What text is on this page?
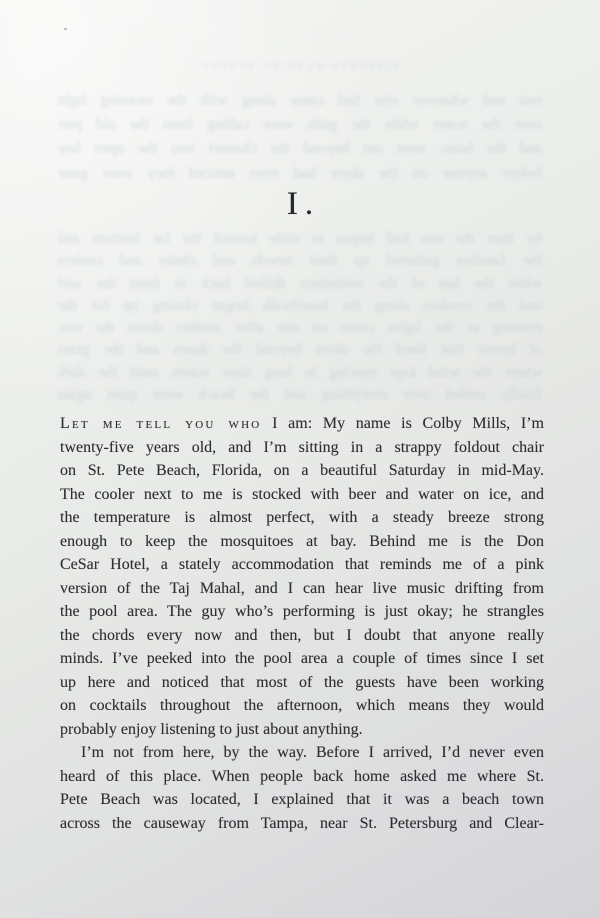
mirrored running header
rest and whatever else had come along with the morning light
over the water while the gulls were calling from the old pier
and the boats went out beyond the channel into the open bay
before anyone on the shore had even noticed they were gone
I.
by then the sun had begun to slide toward the far horizon and
the families gathered up their towels and chairs and coolers
while the last of the swimmers drifted back in from the surf
and the vendors along the boardwalk began closing up for the
evening as the lights came on one after another down the row
of hotels that lined the shore beyond the dunes and the grass
where the wind kept moving in long slow waves until the dark
finally settled over everything and the beach went quiet again
Let me tell you who I am: My name is Colby Mills, I’m
twenty-five years old, and I’m sitting in a strappy foldout chair
on St. Pete Beach, Florida, on a beautiful Saturday in mid-May.
The cooler next to me is stocked with beer and water on ice, and
the temperature is almost perfect, with a steady breeze strong
enough to keep the mosquitoes at bay. Behind me is the Don
CeSar Hotel, a stately accommodation that reminds me of a pink
version of the Taj Mahal, and I can hear live music drifting from
the pool area. The guy who’s performing is just okay; he strangles
the chords every now and then, but I doubt that anyone really
minds. I’ve peeked into the pool area a couple of times since I set
up here and noticed that most of the guests have been working
on cocktails throughout the afternoon, which means they would
probably enjoy listening to just about anything.
I’m not from here, by the way. Before I arrived, I’d never even
heard of this place. When people back home asked me where St.
Pete Beach was located, I explained that it was a beach town
across the causeway from Tampa, near St. Petersburg and Clear-
